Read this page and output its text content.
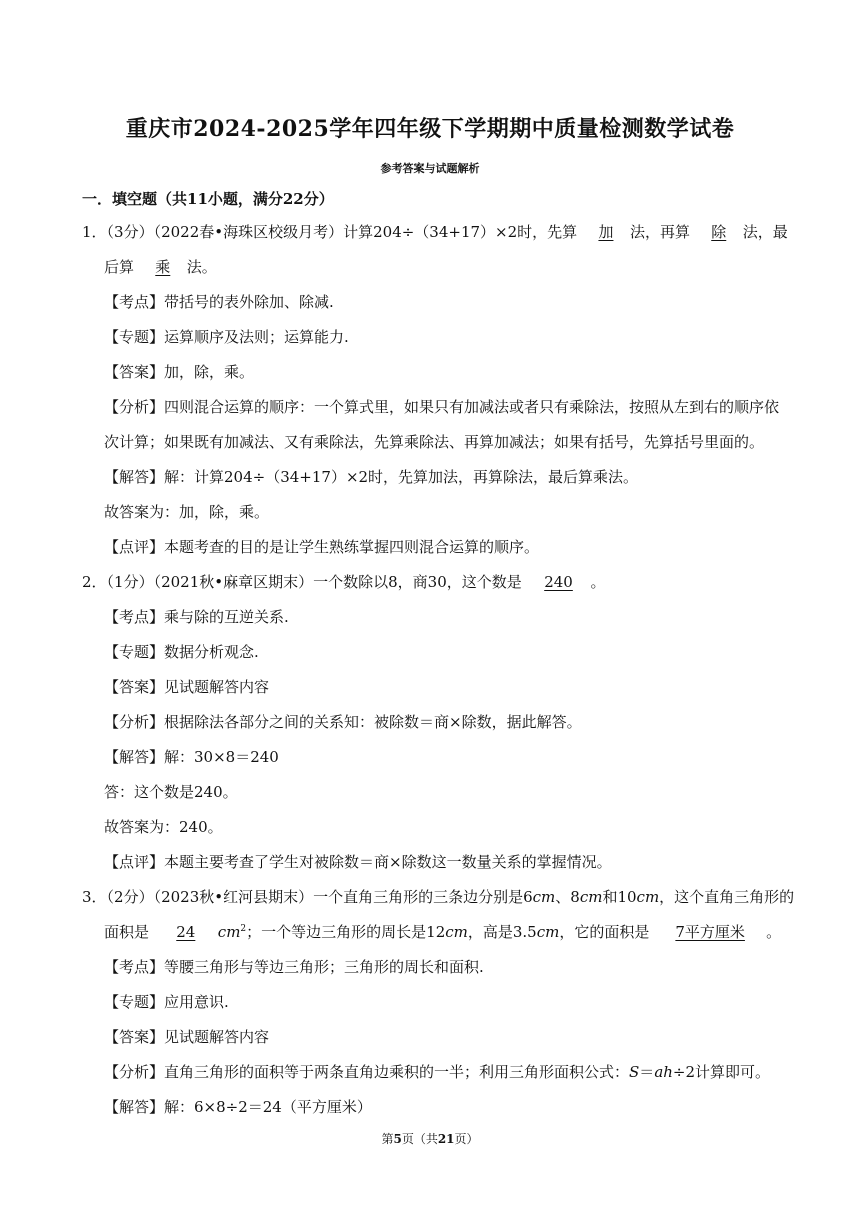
重庆市2024-2025学年四年级下学期期中质量检测数学试卷
参考答案与试题解析
一．填空题（共11小题，满分22分）
1．（3分）（2022春•海珠区校级月考）计算204÷（34+17）×2时，先算 加 法，再算 除 法，最
后算 乘 法。
【考点】带括号的表外除加、除减.
【专题】运算顺序及法则；运算能力.
【答案】加，除，乘。
【分析】四则混合运算的顺序：一个算式里，如果只有加减法或者只有乘除法，按照从左到右的顺序依
次计算；如果既有加减法、又有乘除法，先算乘除法、再算加减法；如果有括号，先算括号里面的。
【解答】解：计算204÷（34+17）×2时，先算加法，再算除法，最后算乘法。
故答案为：加，除，乘。
【点评】本题考查的目的是让学生熟练掌握四则混合运算的顺序。
2．（1分）（2021秋•麻章区期末）一个数除以8，商30，这个数是 240 。
【考点】乘与除的互逆关系.
【专题】数据分析观念.
【答案】见试题解答内容
【分析】根据除法各部分之间的关系知：被除数＝商×除数，据此解答。
【解答】解：30×8＝240
答：这个数是240。
故答案为：240。
【点评】本题主要考查了学生对被除数＝商×除数这一数量关系的掌握情况。
3．（2分）（2023秋•红河县期末）一个直角三角形的三条边分别是6cm、8cm和10cm，这个直角三角形的
面积是 24 $cm^2$；一个等边三角形的周长是12cm，高是3.5cm，它的面积是 7平方厘米 。
【考点】等腰三角形与等边三角形；三角形的周长和面积.
【专题】应用意识.
【答案】见试题解答内容
【分析】直角三角形的面积等于两条直角边乘积的一半；利用三角形面积公式：S＝ah÷2计算即可。
【解答】解：6×8÷2＝24（平方厘米）
第5页（共21页）
